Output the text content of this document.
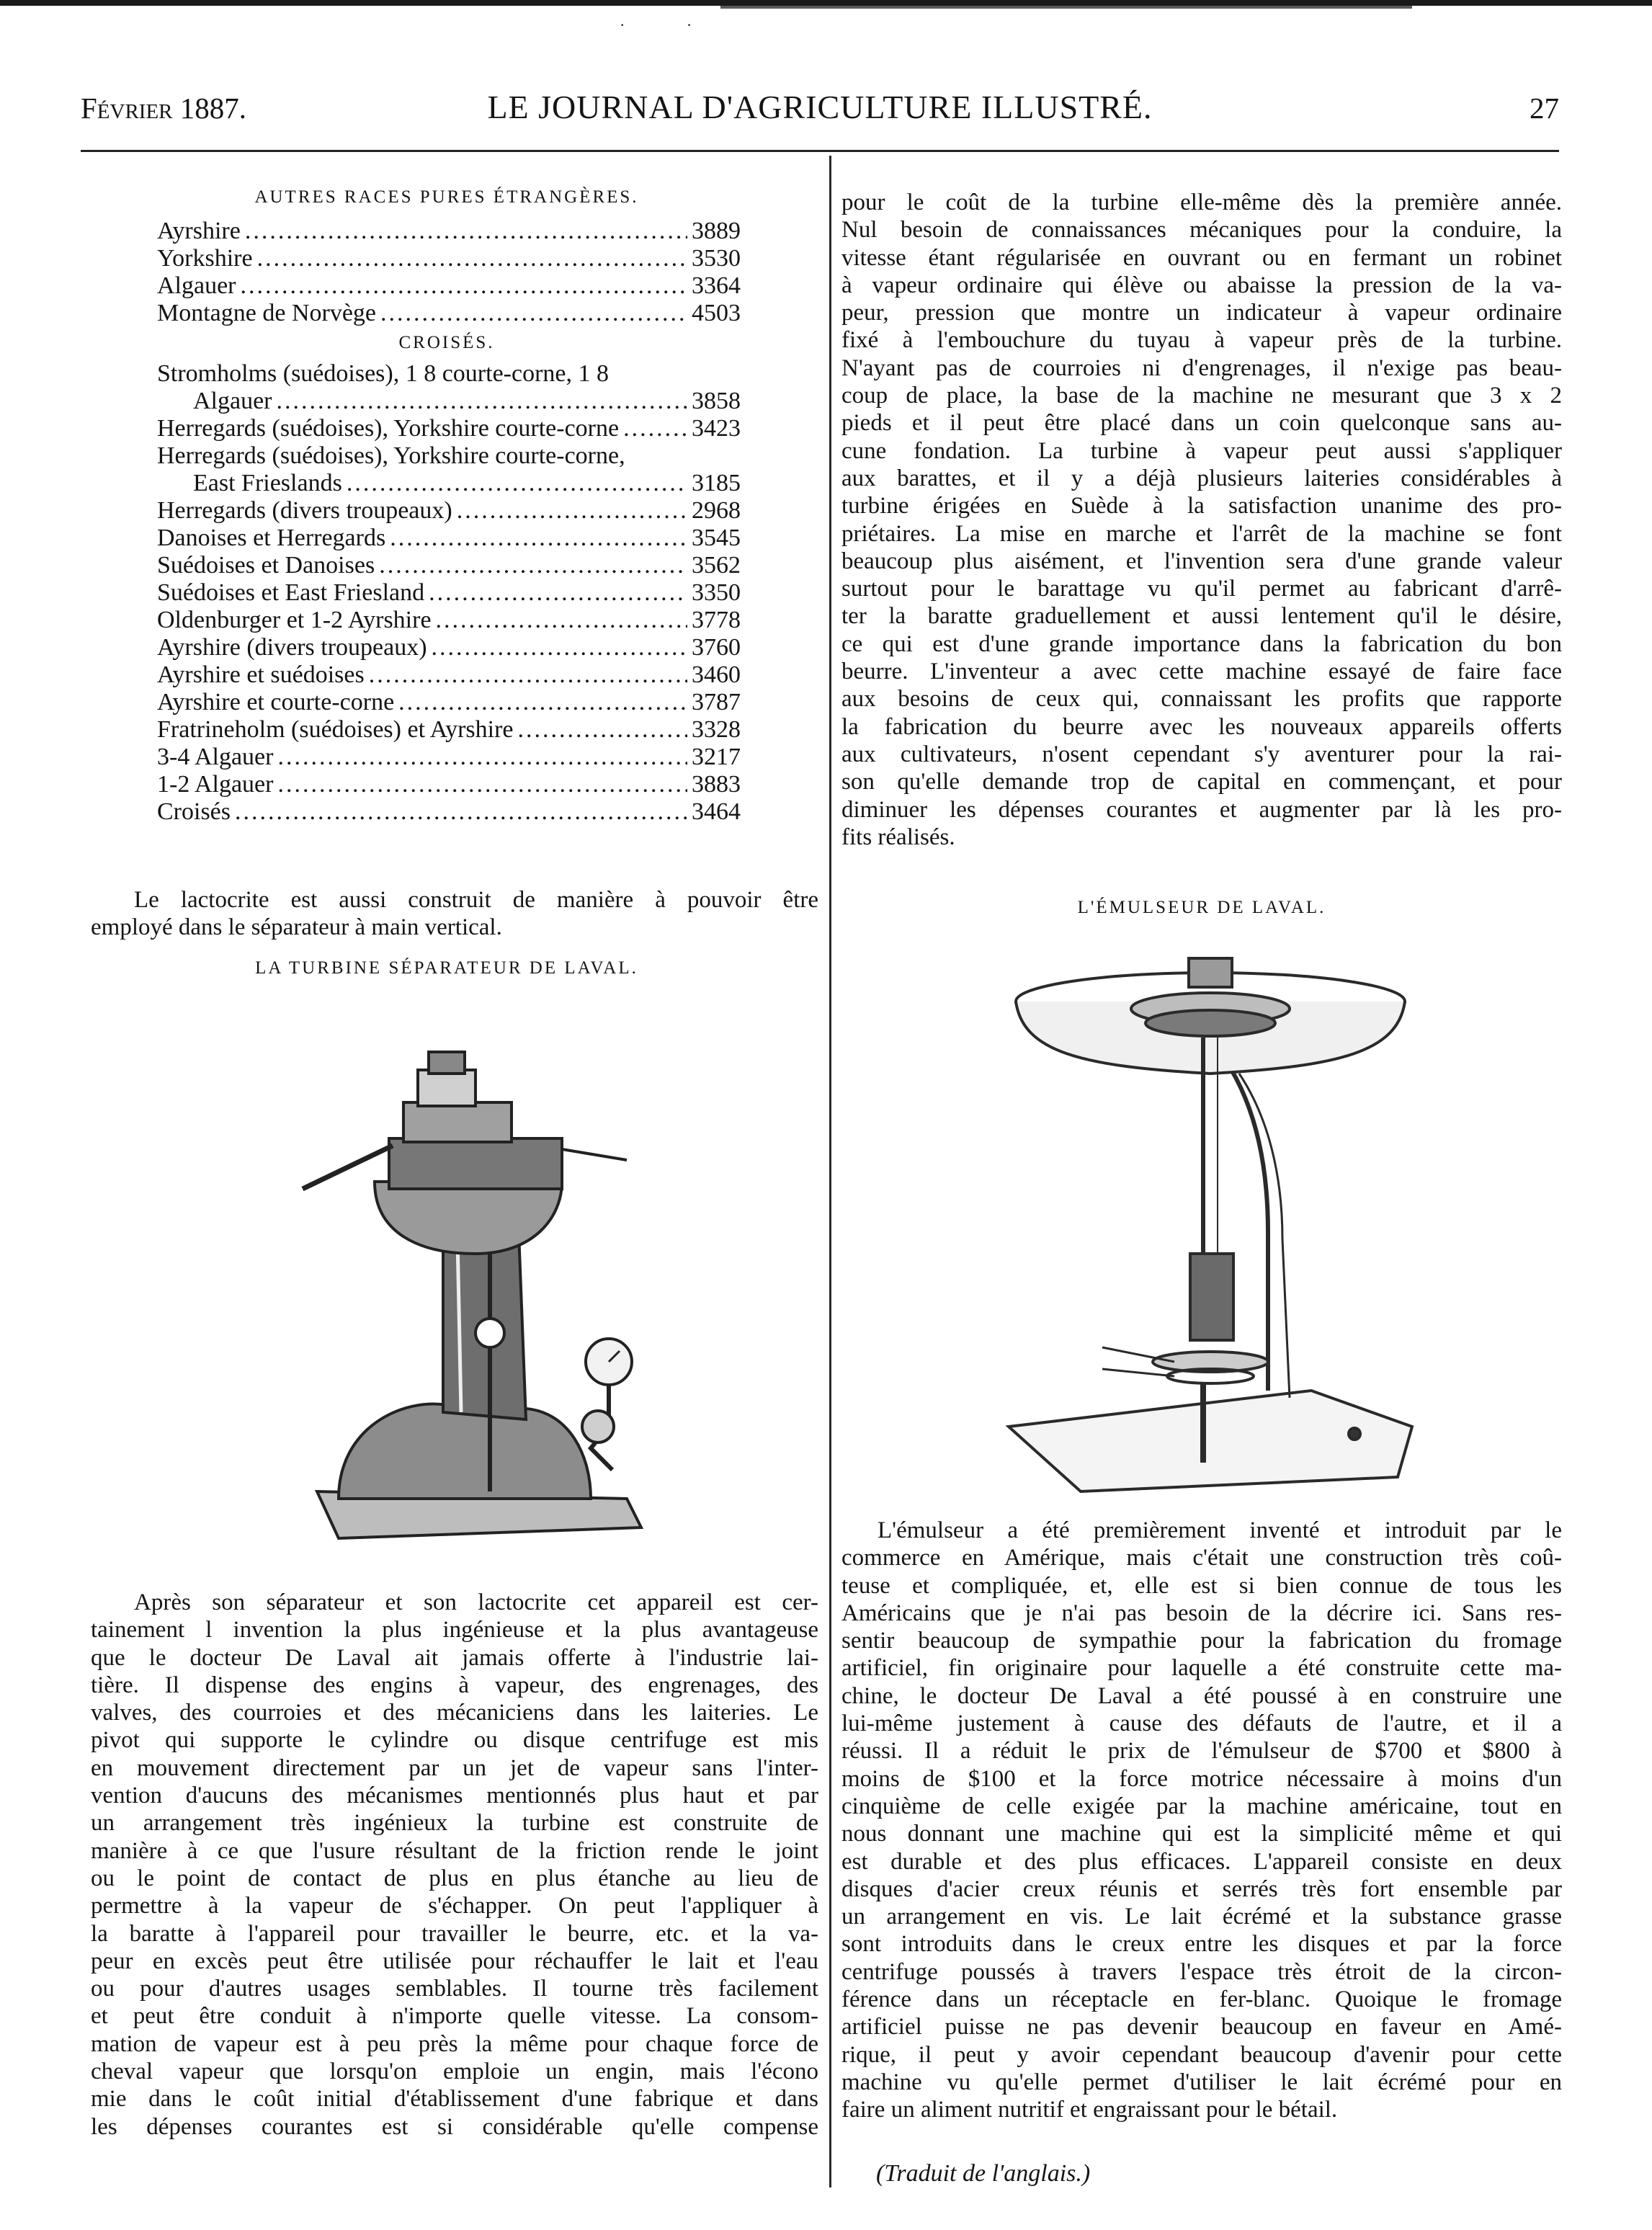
· ·
Février 1887.	LE JOURNAL D'AGRICULTURE ILLUSTRÉ.	27
AUTRES RACES PURES ÉTRANGÈRES.
Ayrshire .....	3889
Yorkshire .....	3530
Algauer .....	3364
Montagne de Norvège .....	4503
CROISÉS.
Stromholms (suédoises), 1 8 courte-corne, 1 8
Algauer .....	3858
Herregards (suédoises), Yorkshire courte-corne .....	3423
Herregards (suédoises), Yorkshire courte-corne,
East Frieslands .....	3185
Herregards (divers troupeaux) .....	2968
Danoises et Herregards .....	3545
Suédoises et Danoises .....	3562
Suédoises et East Friesland .....	3350
Oldenburger et 1-2 Ayrshire .....	3778
Ayrshire (divers troupeaux) .....	3760
Ayrshire et suédoises .....	3460
Ayrshire et courte-corne .....	3787
Fratrineholm (suédoises) et Ayrshire .....	3328
3-4 Algauer .....	3217
1-2 Algauer .....	3883
Croisés .....	3464
Le lactocrite est aussi construit de manière à pouvoir être
employé dans le séparateur à main vertical.
LA TURBINE SÉPARATEUR DE LAVAL.
Après son séparateur et son lactocrite cet appareil est cer-
tainement l invention la plus ingénieuse et la plus avantageuse
que le docteur De Laval ait jamais offerte à l'industrie lai-
tière. Il dispense des engins à vapeur, des engrenages, des
valves, des courroies et des mécaniciens dans les laiteries. Le
pivot qui supporte le cylindre ou disque centrifuge est mis
en mouvement directement par un jet de vapeur sans l'inter-
vention d'aucuns des mécanismes mentionnés plus haut et par
un arrangement très ingénieux la turbine est construite de
manière à ce que l'usure résultant de la friction rende le joint
ou le point de contact de plus en plus étanche au lieu de
permettre à la vapeur de s'échapper. On peut l'appliquer à
la baratte à l'appareil pour travailler le beurre, etc. et la va-
peur en excès peut être utilisée pour réchauffer le lait et l'eau
ou pour d'autres usages semblables. Il tourne très facilement
et peut être conduit à n'importe quelle vitesse. La consom-
mation de vapeur est à peu près la même pour chaque force de
cheval vapeur que lorsqu'on emploie un engin, mais l'écono
mie dans le coût initial d'établissement d'une fabrique et dans
les dépenses courantes est si considérable qu'elle compense
pour le coût de la turbine elle-même dès la première année.
Nul besoin de connaissances mécaniques pour la conduire, la
vitesse étant régularisée en ouvrant ou en fermant un robinet
à vapeur ordinaire qui élève ou abaisse la pression de la va-
peur, pression que montre un indicateur à vapeur ordinaire
fixé à l'embouchure du tuyau à vapeur près de la turbine.
N'ayant pas de courroies ni d'engrenages, il n'exige pas beau-
coup de place, la base de la machine ne mesurant que 3 x 2
pieds et il peut être placé dans un coin quelconque sans au-
cune fondation. La turbine à vapeur peut aussi s'appliquer
aux barattes, et il y a déjà plusieurs laiteries considérables à
turbine érigées en Suède à la satisfaction unanime des pro-
priétaires. La mise en marche et l'arrêt de la machine se font
beaucoup plus aisément, et l'invention sera d'une grande valeur
surtout pour le barattage vu qu'il permet au fabricant d'arrê-
ter la baratte graduellement et aussi lentement qu'il le désire,
ce qui est d'une grande importance dans la fabrication du bon
beurre. L'inventeur a avec cette machine essayé de faire face
aux besoins de ceux qui, connaissant les profits que rapporte
la fabrication du beurre avec les nouveaux appareils offerts
aux cultivateurs, n'osent cependant s'y aventurer pour la rai-
son qu'elle demande trop de capital en commençant, et pour
diminuer les dépenses courantes et augmenter par là les pro-
fits réalisés.
L'ÉMULSEUR DE LAVAL.
L'émulseur a été premièrement inventé et introduit par le
commerce en Amérique, mais c'était une construction très coû-
teuse et compliquée, et, elle est si bien connue de tous les
Américains que je n'ai pas besoin de la décrire ici. Sans res-
sentir beaucoup de sympathie pour la fabrication du fromage
artificiel, fin originaire pour laquelle a été construite cette ma-
chine, le docteur De Laval a été poussé à en construire une
lui-même justement à cause des défauts de l'autre, et il a
réussi. Il a réduit le prix de l'émulseur de $700 et $800 à
moins de $100 et la force motrice nécessaire à moins d'un
cinquième de celle exigée par la machine américaine, tout en
nous donnant une machine qui est la simplicité même et qui
est durable et des plus efficaces. L'appareil consiste en deux
disques d'acier creux réunis et serrés très fort ensemble par
un arrangement en vis. Le lait écrémé et la substance grasse
sont introduits dans le creux entre les disques et par la force
centrifuge poussés à travers l'espace très étroit de la circon-
férence dans un réceptacle en fer-blanc. Quoique le fromage
artificiel puisse ne pas devenir beaucoup en faveur en Amé-
rique, il peut y avoir cependant beaucoup d'avenir pour cette
machine vu qu'elle permet d'utiliser le lait écrémé pour en
faire un aliment nutritif et engraissant pour le bétail.
(Traduit de l'anglais.)
